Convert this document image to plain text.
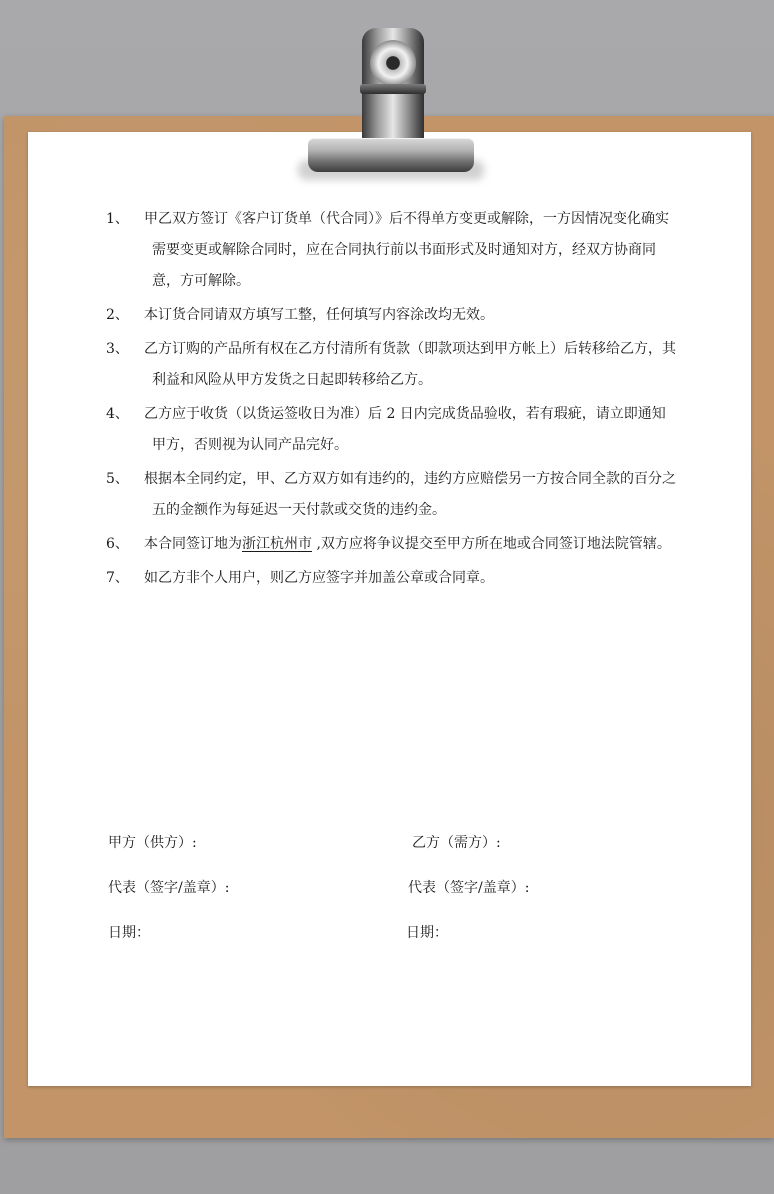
1、	甲乙双方签订《客户订货单（代合同）》后不得单方变更或解除，一方因情况变化确实需要变更或解除合同时，应在合同执行前以书面形式及时通知对方，经双方协商同意，方可解除。
2、	本订货合同请双方填写工整，任何填写内容涂改均无效。
3、	乙方订购的产品所有权在乙方付清所有货款（即款项达到甲方帐上）后转移给乙方，其利益和风险从甲方发货之日起即转移给乙方。
4、	乙方应于收货（以货运签收日为准）后 2 日内完成货品验收，若有瑕疵，请立即通知甲方，否则视为认同产品完好。
5、	根据本全同约定，甲、乙方双方如有违约的，违约方应赔偿另一方按合同全款的百分之五的金额作为每延迟一天付款或交货的违约金。
6、	本合同签订地为浙江杭州市 ,双方应将争议提交至甲方所在地或合同签订地法院管辖。
7、	如乙方非个人用户，则乙方应签字并加盖公章或合同章。
甲方（供方）:	乙方（需方）:
代表（签字/盖章）:	代表（签字/盖章）:
日期：	日期：
